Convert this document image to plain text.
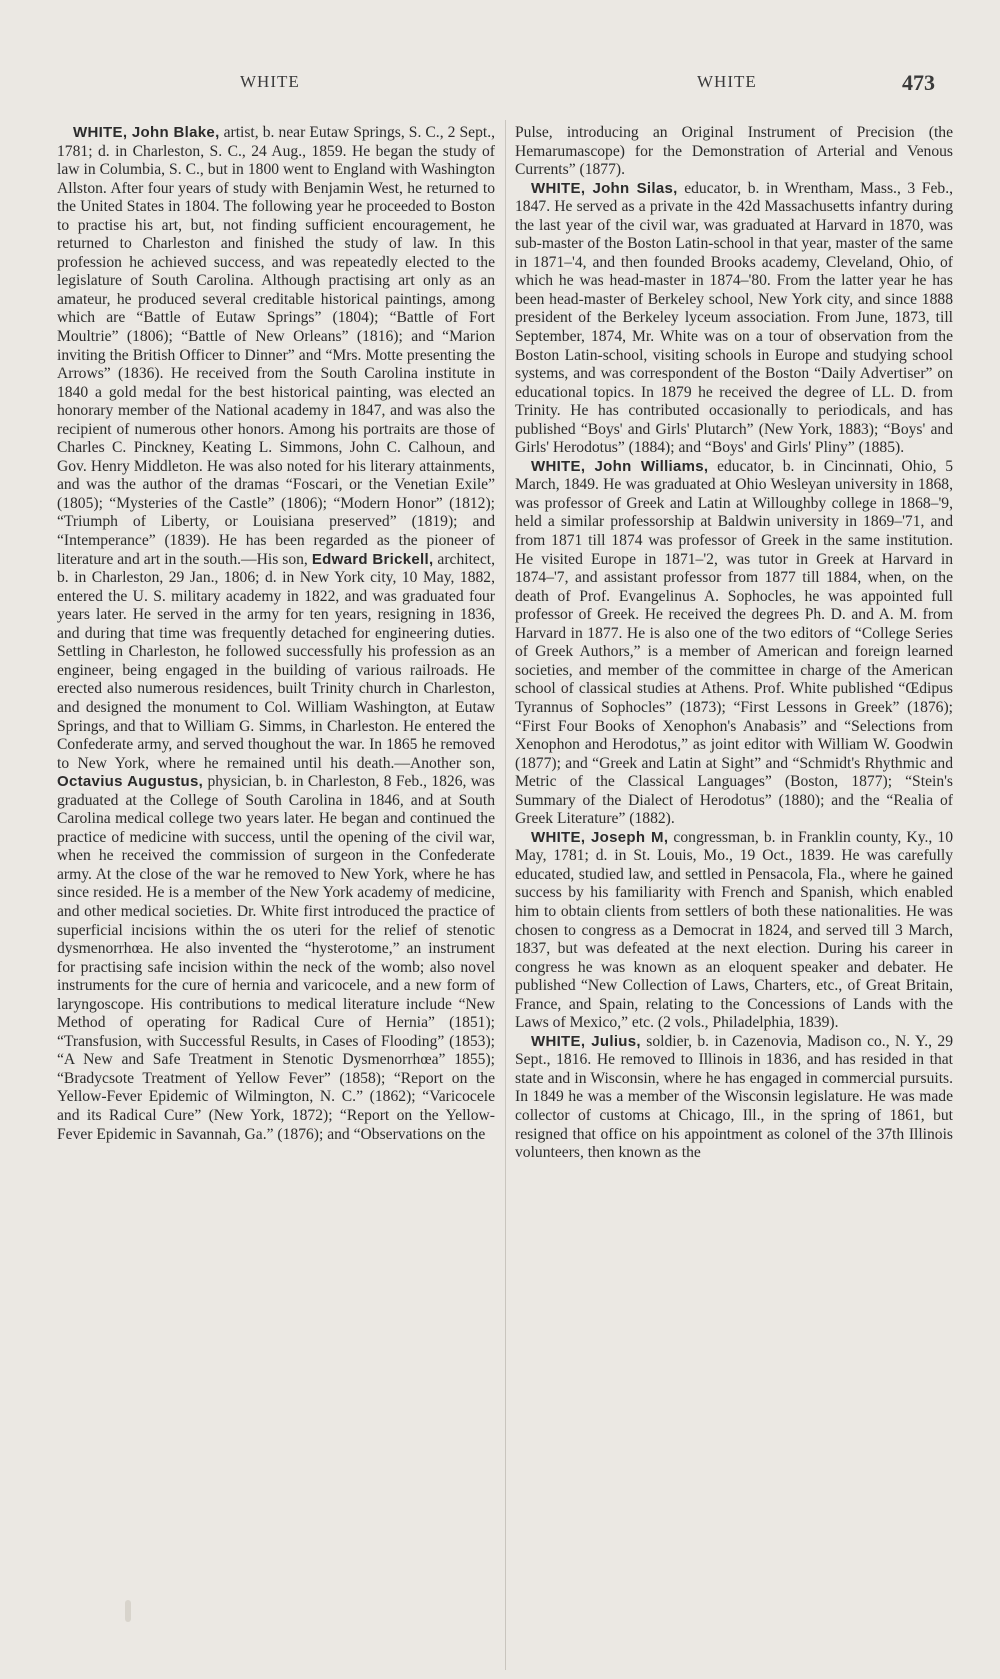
WHITE	WHITE	473

WHITE, John Blake, artist, b. near Eutaw Springs, S. C., 2 Sept., 1781; d. in Charleston, S. C., 24 Aug., 1859. He began the study of law in Columbia, S. C., but in 1800 went to England with Washington Allston. After four years of study with Benjamin West, he returned to the United States in 1804. The following year he proceeded to Boston to practise his art, but, not finding sufficient encouragement, he returned to Charleston and finished the study of law. In this profession he achieved success, and was repeatedly elected to the legislature of South Carolina. Although practising art only as an amateur, he produced several creditable historical paintings, among which are “Battle of Eutaw Springs” (1804); “Battle of Fort Moultrie” (1806); “Battle of New Orleans” (1816); and “Marion inviting the British Officer to Dinner” and “Mrs. Motte presenting the Arrows” (1836). He received from the South Carolina institute in 1840 a gold medal for the best historical painting, was elected an honorary member of the National academy in 1847, and was also the recipient of numerous other honors. Among his portraits are those of Charles C. Pinckney, Keating L. Simmons, John C. Calhoun, and Gov. Henry Middleton. He was also noted for his literary attainments, and was the author of the dramas “Foscari, or the Venetian Exile” (1805); “Mysteries of the Castle” (1806); “Modern Honor” (1812); “Triumph of Liberty, or Louisiana preserved” (1819); and “Intemperance” (1839). He has been regarded as the pioneer of literature and art in the south.—His son, Edward Brickell, architect, b. in Charleston, 29 Jan., 1806; d. in New York city, 10 May, 1882, entered the U. S. military academy in 1822, and was graduated four years later. He served in the army for ten years, resigning in 1836, and during that time was frequently detached for engineering duties. Settling in Charleston, he followed successfully his profession as an engineer, being engaged in the building of various railroads. He erected also numerous residences, built Trinity church in Charleston, and designed the monument to Col. William Washington, at Eutaw Springs, and that to William G. Simms, in Charleston. He entered the Confederate army, and served thoughout the war. In 1865 he removed to New York, where he remained until his death.—Another son, Octavius Augustus, physician, b. in Charleston, 8 Feb., 1826, was graduated at the College of South Carolina in 1846, and at South Carolina medical college two years later. He began and continued the practice of medicine with success, until the opening of the civil war, when he received the commission of surgeon in the Confederate army. At the close of the war he removed to New York, where he has since resided. He is a member of the New York academy of medicine, and other medical societies. Dr. White first introduced the practice of superficial incisions within the os uteri for the relief of stenotic dysmenorrhœa. He also invented the “hysterotome,” an instrument for practising safe incision within the neck of the womb; also novel instruments for the cure of hernia and varicocele, and a new form of laryngoscope. His contributions to medical literature include “New Method of operating for Radical Cure of Hernia” (1851); “Transfusion, with Successful Results, in Cases of Flooding” (1853); “A New and Safe Treatment in Stenotic Dysmenorrhœa” 1855); “Bradycsote Treatment of Yellow Fever” (1858); “Report on the Yellow-Fever Epidemic of Wilmington, N. C.” (1862); “Varicocele and its Radical Cure” (New York, 1872); “Report on the Yellow-Fever Epidemic in Savannah, Ga.” (1876); and “Observations on the

Pulse, introducing an Original Instrument of Precision (the Hemarumascope) for the Demonstration of Arterial and Venous Currents” (1877).

WHITE, John Silas, educator, b. in Wrentham, Mass., 3 Feb., 1847. He served as a private in the 42d Massachusetts infantry during the last year of the civil war, was graduated at Harvard in 1870, was sub-master of the Boston Latin-school in that year, master of the same in 1871–'4, and then founded Brooks academy, Cleveland, Ohio, of which he was head-master in 1874–'80. From the latter year he has been head-master of Berkeley school, New York city, and since 1888 president of the Berkeley lyceum association. From June, 1873, till September, 1874, Mr. White was on a tour of observation from the Boston Latin-school, visiting schools in Europe and studying school systems, and was correspondent of the Boston “Daily Advertiser” on educational topics. In 1879 he received the degree of LL. D. from Trinity. He has contributed occasionally to periodicals, and has published “Boys' and Girls' Plutarch” (New York, 1883); “Boys' and Girls' Herodotus” (1884); and “Boys' and Girls' Pliny” (1885).

WHITE, John Williams, educator, b. in Cincinnati, Ohio, 5 March, 1849. He was graduated at Ohio Wesleyan university in 1868, was professor of Greek and Latin at Willoughby college in 1868–'9, held a similar professorship at Baldwin university in 1869–'71, and from 1871 till 1874 was professor of Greek in the same institution. He visited Europe in 1871–'2, was tutor in Greek at Harvard in 1874–'7, and assistant professor from 1877 till 1884, when, on the death of Prof. Evangelinus A. Sophocles, he was appointed full professor of Greek. He received the degrees Ph. D. and A. M. from Harvard in 1877. He is also one of the two editors of “College Series of Greek Authors,” is a member of American and foreign learned societies, and member of the committee in charge of the American school of classical studies at Athens. Prof. White published “Œdipus Tyrannus of Sophocles” (1873); “First Lessons in Greek” (1876); “First Four Books of Xenophon's Anabasis” and “Selections from Xenophon and Herodotus,” as joint editor with William W. Goodwin (1877); and “Greek and Latin at Sight” and “Schmidt's Rhythmic and Metric of the Classical Languages” (Boston, 1877); “Stein's Summary of the Dialect of Herodotus” (1880); and the “Realia of Greek Literature” (1882).

WHITE, Joseph M, congressman, b. in Franklin county, Ky., 10 May, 1781; d. in St. Louis, Mo., 19 Oct., 1839. He was carefully educated, studied law, and settled in Pensacola, Fla., where he gained success by his familiarity with French and Spanish, which enabled him to obtain clients from settlers of both these nationalities. He was chosen to congress as a Democrat in 1824, and served till 3 March, 1837, but was defeated at the next election. During his career in congress he was known as an eloquent speaker and debater. He published “New Collection of Laws, Charters, etc., of Great Britain, France, and Spain, relating to the Concessions of Lands with the Laws of Mexico,” etc. (2 vols., Philadelphia, 1839).

WHITE, Julius, soldier, b. in Cazenovia, Madison co., N. Y., 29 Sept., 1816. He removed to Illinois in 1836, and has resided in that state and in Wisconsin, where he has engaged in commercial pursuits. In 1849 he was a member of the Wisconsin legislature. He was made collector of customs at Chicago, Ill., in the spring of 1861, but resigned that office on his appointment as colonel of the 37th Illinois volunteers, then known as the
